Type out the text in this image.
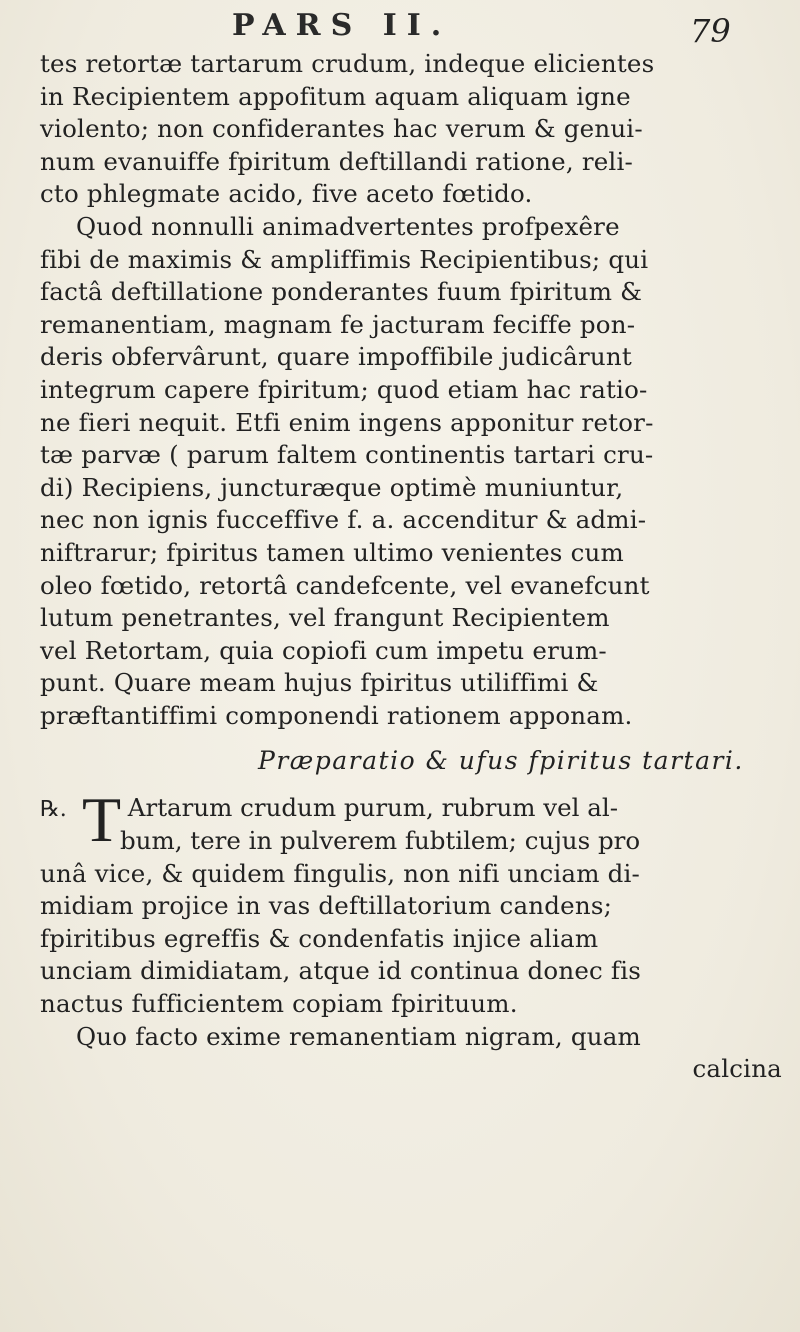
PARS II.	79
tes retortæ tartarum crudum, indeque elicientes
in Recipientem appofitum aquam aliquam igne
violento; non confiderantes hac verum & genui-
num evanuiffe fpiritum deftillandi ratione, reli-
cto phlegmate acido, five aceto fœtido.
Quod nonnulli animadvertentes profpexêre
fibi de maximis & ampliffimis Recipientibus; qui
factâ deftillatione ponderantes fuum fpiritum &
remanentiam, magnam fe jacturam feciffe pon-
deris obfervârunt, quare impoffibile judicârunt
integrum capere fpiritum; quod etiam hac ratio-
ne fieri nequit. Etfi enim ingens apponitur retor-
tæ parvæ ( parum faltem continentis tartari cru-
di) Recipiens, juncturæque optimè muniuntur,
nec non ignis fucceffive f. a. accenditur & admi-
niftrarur; fpiritus tamen ultimo venientes cum
oleo fœtido, retortâ candefcente, vel evanefcunt
lutum penetrantes, vel frangunt Recipientem
vel Retortam, quia copiofi cum impetu erum-
punt. Quare meam hujus fpiritus utiliffimi &
præftantiffimi componendi rationem apponam.
Præparatio & ufus fpiritus tartari.
℞. T Artarum crudum purum, rubrum vel al-
bum, tere in pulverem fubtilem; cujus pro
unâ vice, & quidem fingulis, non nifi unciam di-
midiam projice in vas deftillatorium candens;
fpiritibus egreffis & condenfatis injice aliam
unciam dimidiatam, atque id continua donec fis
nactus fufficientem copiam fpirituum.
Quo facto exime remanentiam nigram, quam
calcina
